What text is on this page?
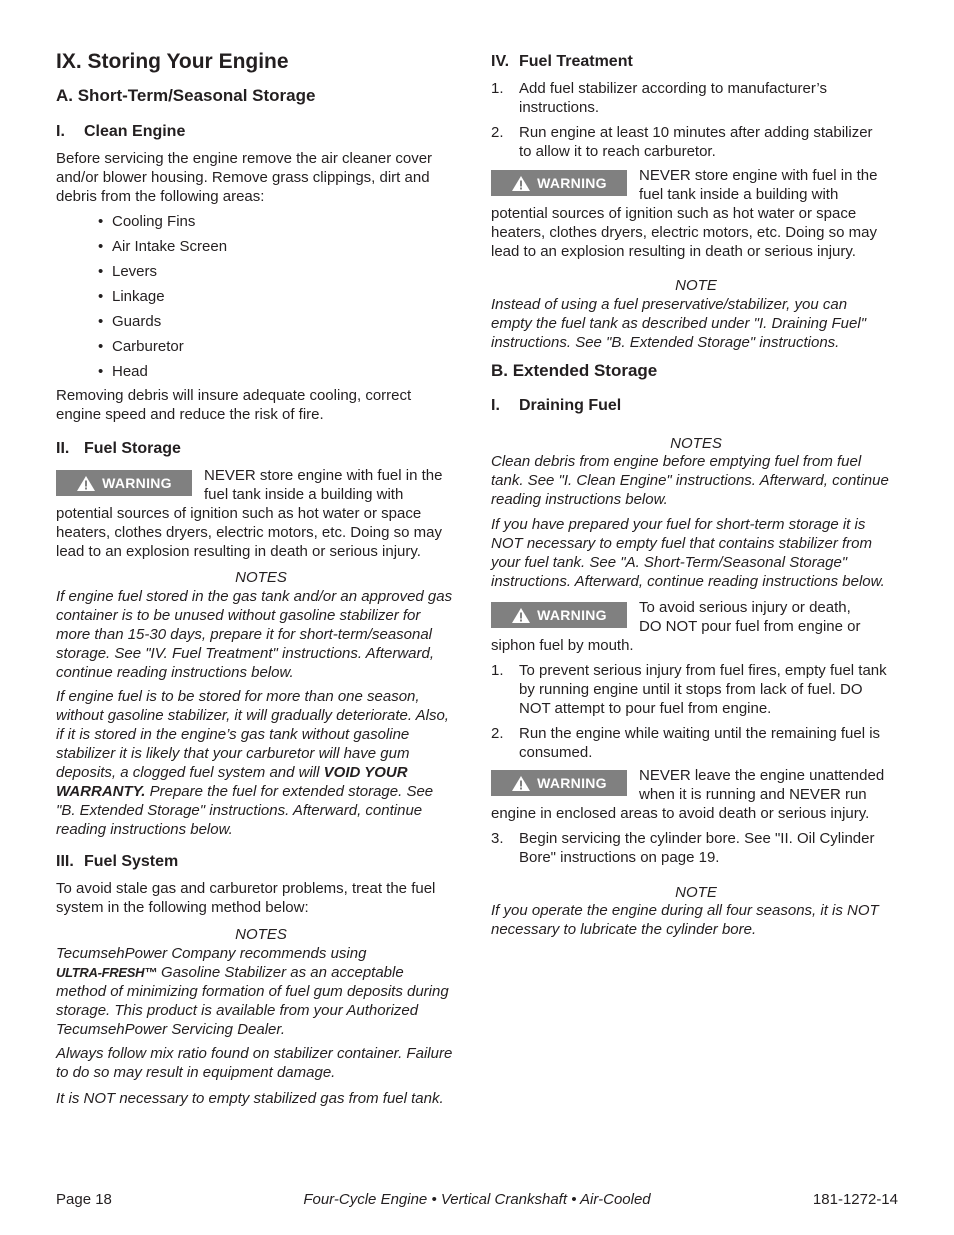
IX. Storing Your Engine

A. Short-Term/Seasonal Storage

I. Clean Engine

Before servicing the engine remove the air cleaner cover

and/or blower housing. Remove grass clippings, dirt and

debris from the following areas:

• Cooling Fins
• Air Intake Screen
• Levers
• Linkage
• Guards
• Carburetor
• Head

Removing debris will insure adequate cooling, correct

engine speed and reduce the risk of fire.

II. Fuel Storage

WARNING NEVER store engine with fuel in the

fuel tank inside a building with

potential sources of ignition such as hot water or space

heaters, clothes dryers, electric motors, etc. Doing so may

lead to an explosion resulting in death or serious injury.

NOTES

If engine fuel stored in the gas tank and/or an approved gas

container is to be unused without gasoline stabilizer for

more than 15-30 days, prepare it for short-term/seasonal

storage. See "IV. Fuel Treatment" instructions. Afterward,

continue reading instructions below.

If engine fuel is to be stored for more than one season,

without gasoline stabilizer, it will gradually deteriorate. Also,

if it is stored in the engine’s gas tank without gasoline

stabilizer it is likely that your carburetor will have gum

deposits, a clogged fuel system and will VOID YOUR

WARRANTY. Prepare the fuel for extended storage. See

"B. Extended Storage" instructions. Afterward, continue

reading instructions below.

III. Fuel System

To avoid stale gas and carburetor problems, treat the fuel

system in the following method below:

NOTES

TecumsehPower Company recommends using

ULTRA-FRESH™ Gasoline Stabilizer as an acceptable

method of minimizing formation of fuel gum deposits during

storage. This product is available from your Authorized

TecumsehPower Servicing Dealer.

Always follow mix ratio found on stabilizer container. Failure

to do so may result in equipment damage.

It is NOT necessary to empty stabilized gas from fuel tank.

IV. Fuel Treatment

1.	Add fuel stabilizer according to manufacturer’s

instructions.

2.	Run engine at least 10 minutes after adding stabilizer

to allow it to reach carburetor.

WARNING NEVER store engine with fuel in the

fuel tank inside a building with

potential sources of ignition such as hot water or space

heaters, clothes dryers, electric motors, etc. Doing so may

lead to an explosion resulting in death or serious injury.

NOTE

Instead of using a fuel preservative/stabilizer, you can

empty the fuel tank as described under "I. Draining Fuel"

instructions. See "B. Extended Storage" instructions.

B. Extended Storage

I. Draining Fuel

NOTES

Clean debris from engine before emptying fuel from fuel

tank. See "I. Clean Engine" instructions. Afterward, continue

reading instructions below.

If you have prepared your fuel for short-term storage it is

NOT necessary to empty fuel that contains stabilizer from

your fuel tank. See "A. Short-Term/Seasonal Storage"

instructions. Afterward, continue reading instructions below.

WARNING To avoid serious injury or death,

DO NOT pour fuel from engine or

siphon fuel by mouth.

1.	To prevent serious injury from fuel fires, empty fuel tank

by running engine until it stops from lack of fuel. DO

NOT attempt to pour fuel from engine.

2.	Run the engine while waiting until the remaining fuel is

consumed.

WARNING NEVER leave the engine unattended

when it is running and NEVER run

engine in enclosed areas to avoid death or serious injury.

3.	Begin servicing the cylinder bore. See "II. Oil Cylinder

Bore" instructions on page 19.

NOTE

If you operate the engine during all four seasons, it is NOT

necessary to lubricate the cylinder bore.

Page 18	Four-Cycle Engine • Vertical Crankshaft • Air-Cooled	181-1272-14
